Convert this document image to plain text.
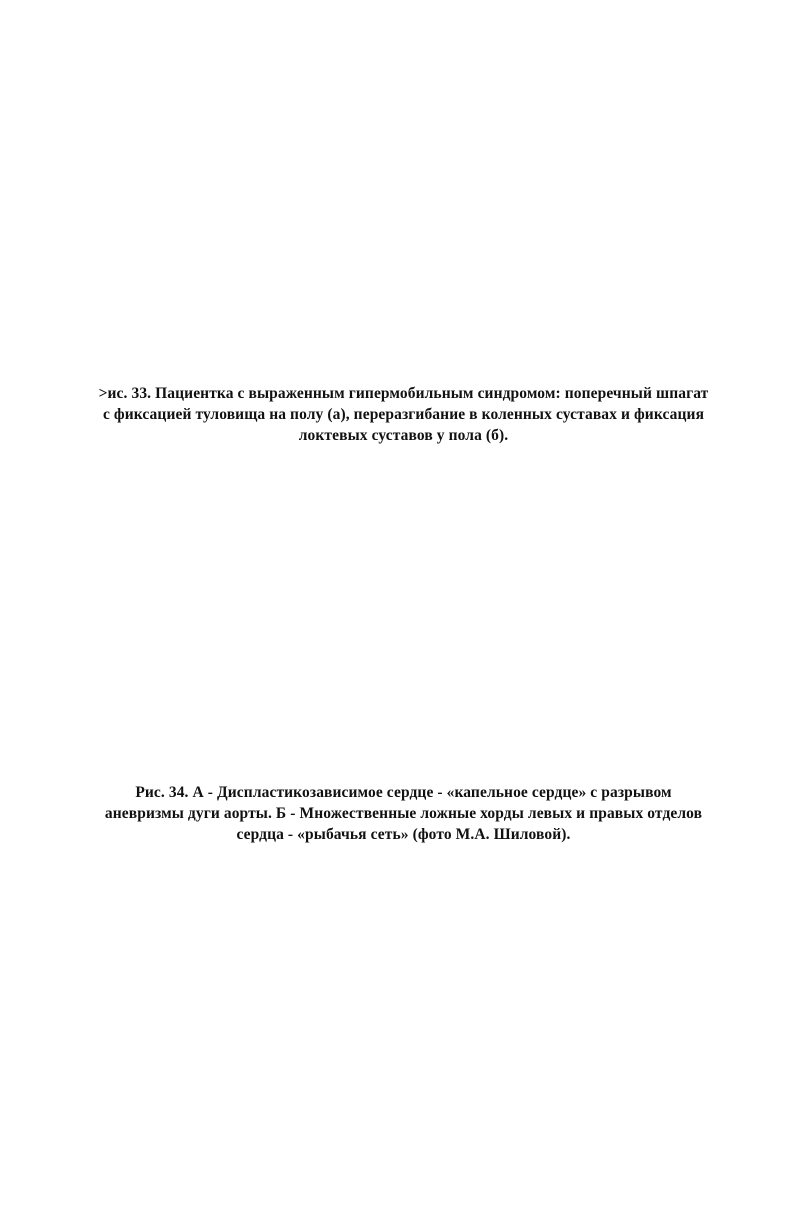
>ис. 33. Пациентка с выраженным гипермобильным синдромом: поперечный шпагат
с фиксацией туловища на полу (а), переразгибание в коленных суставах и фиксация
локтевых суставов у пола (б).
Рис. 34. А - Диспластикозависимое сердце - «капельное сердце» с разрывом
аневризмы дуги аорты. Б - Множественные ложные хорды левых и правых отделов
сердца - «рыбачья сеть» (фото М.А. Шиловой).
